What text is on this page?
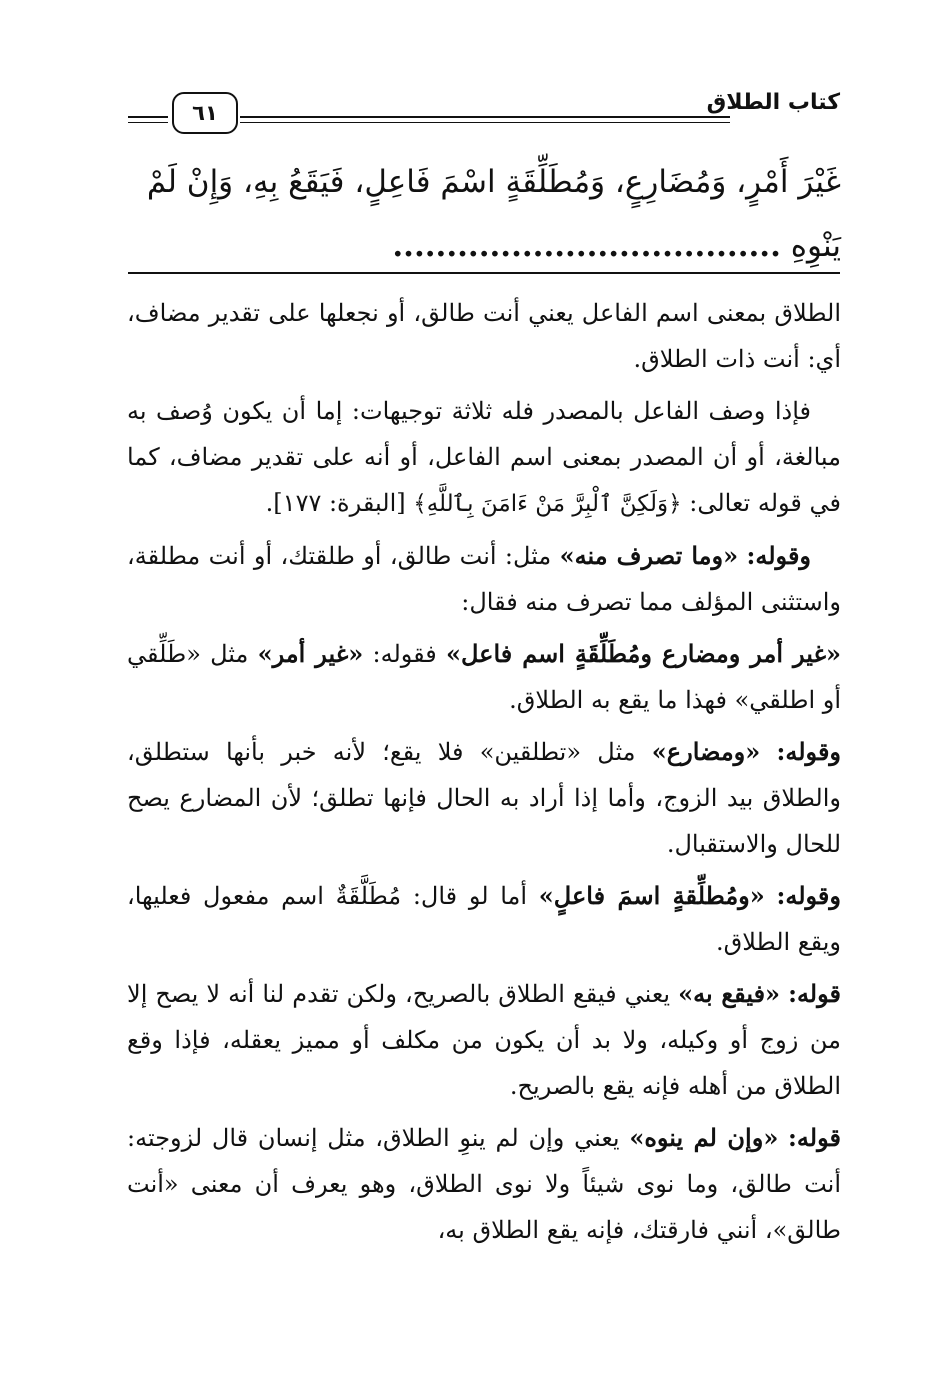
كتاب الطلاق
٦١
غَيْرَ أَمْرٍ، وَمُضَارِعٍ، وَمُطَلِّقَةٍ اسْمَ فَاعِلٍ، فَيَقَعُ بِهِ، وَإِنْ لَمْ
يَنْوِهِ ....................................

الطلاق بمعنى اسم الفاعل يعني أنت طالق، أو نجعلها على تقدير مضاف، أي: أنت ذات الطلاق.

فإذا وصف الفاعل بالمصدر فله ثلاثة توجيهات: إما أن يكون وُصف به مبالغة، أو أن المصدر بمعنى اسم الفاعل، أو أنه على تقدير مضاف، كما في قوله تعالى: ﴿وَلَكِنَّ ٱلْبِرَّ مَنْ ءَامَنَ بِٱللَّهِ﴾ [البقرة: ١٧٧].

وقوله: «وما تصرف منه» مثل: أنت طالق، أو طلقتك، أو أنت مطلقة، واستثنى المؤلف مما تصرف منه فقال:

«غير أمر ومضارع ومُطَلِّقَةٍ اسم فاعل» فقوله: «غير أمر» مثل «طَلِّقي أو اطلقي» فهذا ما يقع به الطلاق.

وقوله: «ومضارع» مثل «تطلقين» فلا يقع؛ لأنه خبر بأنها ستطلق، والطلاق بيد الزوج، وأما إذا أراد به الحال فإنها تطلق؛ لأن المضارع يصح للحال والاستقبال.

وقوله: «ومُطلِّقةٍ اسمَ فاعلٍ» أما لو قال: مُطَلَّقَةٌ اسم مفعول فعليها، ويقع الطلاق.

قوله: «فيقع به» يعني فيقع الطلاق بالصريح، ولكن تقدم لنا أنه لا يصح إلا من زوج أو وكيله، ولا بد أن يكون من مكلف أو مميز يعقله، فإذا وقع الطلاق من أهله فإنه يقع بالصريح.

قوله: «وإن لم ينوه» يعني وإن لم ينوِ الطلاق، مثل إنسان قال لزوجته: أنت طالق، وما نوى شيئاً ولا نوى الطلاق، وهو يعرف أن معنى «أنت طالق»، أنني فارقتك، فإنه يقع الطلاق به،
